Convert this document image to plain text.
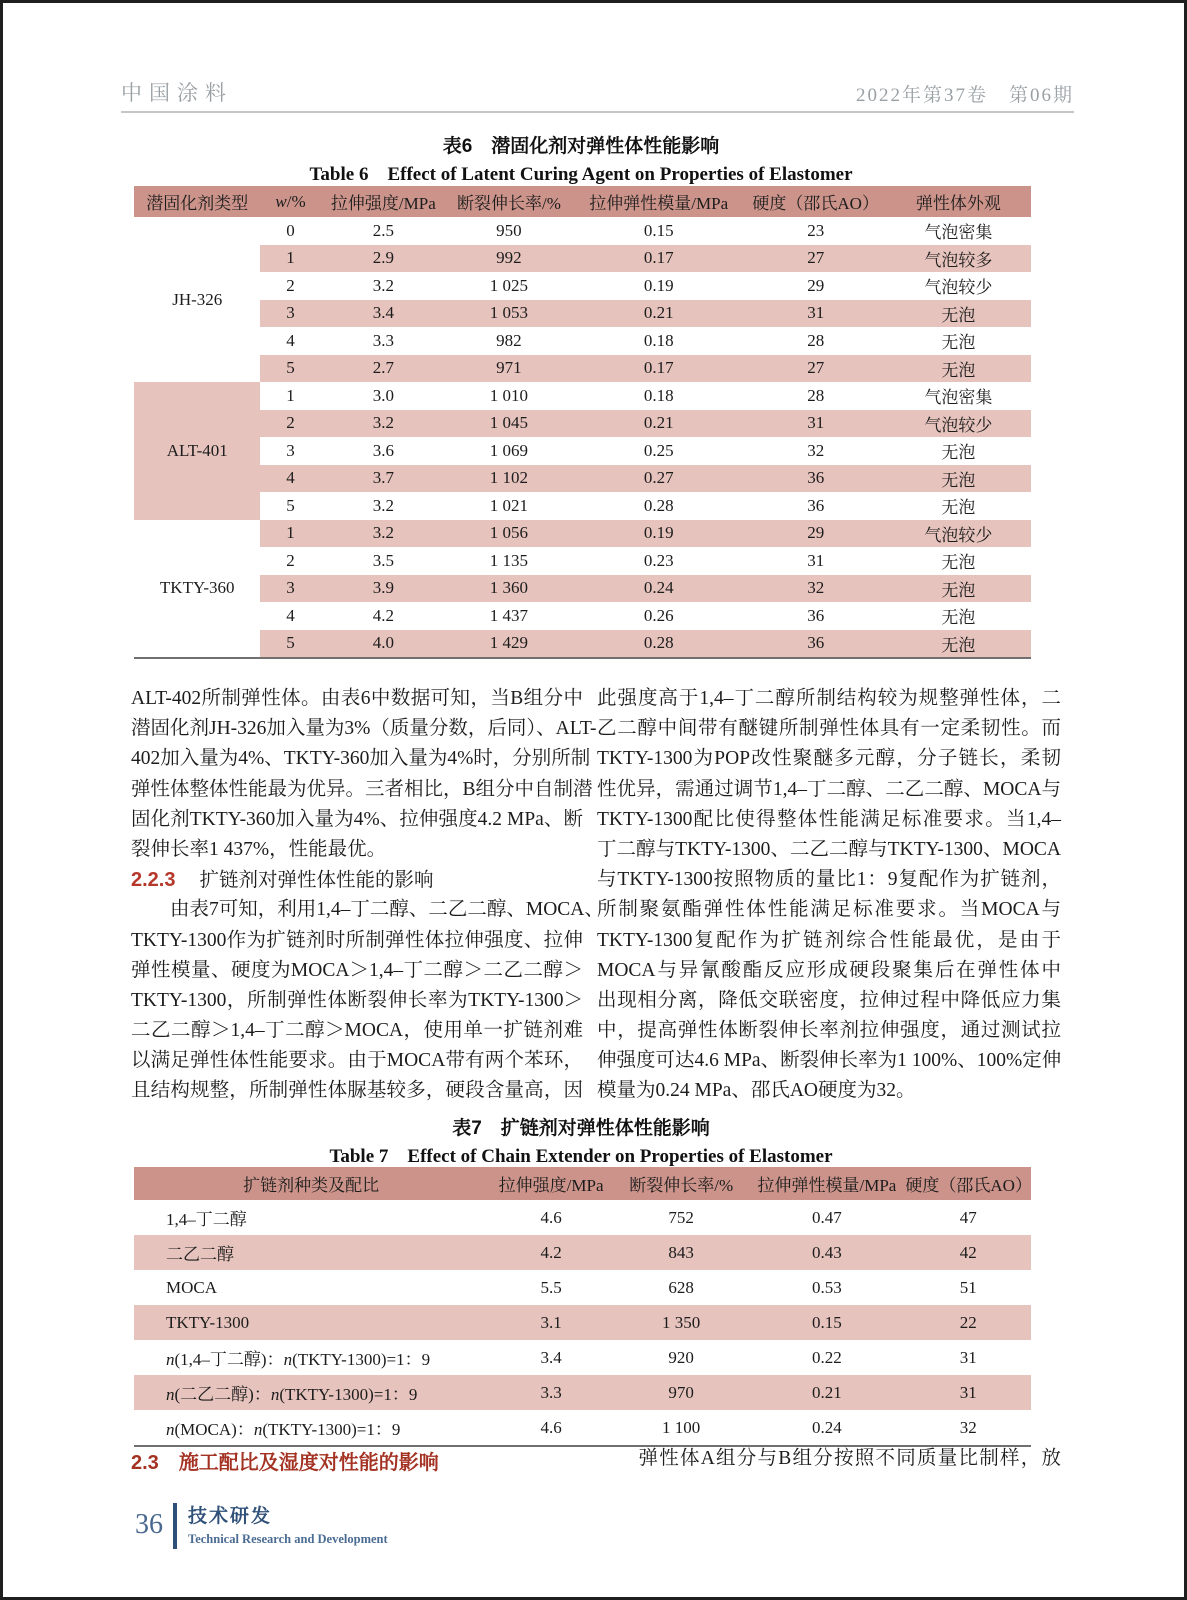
中国涂料	2022年第37卷　第06期
表6　潜固化剂对弹性体性能影响
Table 6　Effect of Latent Curing Agent on Properties of Elastomer
潜固化剂类型	w/%	拉伸强度/MPa	断裂伸长率/%	拉伸弹性模量/MPa	硬度（邵氏AO）	弹性体外观
JH-326	0	2.5	950	0.15	23	气泡密集
	1	2.9	992	0.17	27	气泡较多
	2	3.2	1 025	0.19	29	气泡较少
	3	3.4	1 053	0.21	31	无泡
	4	3.3	982	0.18	28	无泡
	5	2.7	971	0.17	27	无泡
ALT-401	1	3.0	1 010	0.18	28	气泡密集
	2	3.2	1 045	0.21	31	气泡较少
	3	3.6	1 069	0.25	32	无泡
	4	3.7	1 102	0.27	36	无泡
	5	3.2	1 021	0.28	36	无泡
TKTY-360	1	3.2	1 056	0.19	29	气泡较少
	2	3.5	1 135	0.23	31	无泡
	3	3.9	1 360	0.24	32	无泡
	4	4.2	1 437	0.26	36	无泡
	5	4.0	1 429	0.28	36	无泡
ALT-402所制弹性体。由表6中数据可知，当B组分中
潜固化剂JH-326加入量为3%（质量分数，后同）、ALT-
402加入量为4%、TKTY-360加入量为4%时，分别所制
弹性体整体性能最为优异。三者相比，B组分中自制潜
固化剂TKTY-360加入量为4%、拉伸强度4.2 MPa、断
裂伸长率1 437%，性能最优。
2.2.3 扩链剂对弹性体性能的影响
　　由表7可知，利用1,4–丁二醇、二乙二醇、MOCA、
TKTY-1300作为扩链剂时所制弹性体拉伸强度、拉伸
弹性模量、硬度为MOCA＞1,4–丁二醇＞二乙二醇＞
TKTY-1300，所制弹性体断裂伸长率为TKTY-1300＞
二乙二醇＞1,4–丁二醇＞MOCA，使用单一扩链剂难
以满足弹性体性能要求。由于MOCA带有两个苯环，
且结构规整，所制弹性体脲基较多，硬段含量高，因
此强度高于1,4–丁二醇所制结构较为规整弹性体，二
乙二醇中间带有醚键所制弹性体具有一定柔韧性。而
TKTY-1300为POP改性聚醚多元醇，分子链长，柔韧
性优异，需通过调节1,4–丁二醇、二乙二醇、MOCA与
TKTY-1300配比使得整体性能满足标准要求。当1,4–
丁二醇与TKTY-1300、二乙二醇与TKTY-1300、MOCA
与TKTY-1300按照物质的量比1：9复配作为扩链剂，
所制聚氨酯弹性体性能满足标准要求。当MOCA与
TKTY-1300复配作为扩链剂综合性能最优，是由于
MOCA与异氰酸酯反应形成硬段聚集后在弹性体中
出现相分离，降低交联密度，拉伸过程中降低应力集
中，提高弹性体断裂伸长率剂拉伸强度，通过测试拉
伸强度可达4.6 MPa、断裂伸长率为1 100%、100%定伸
模量为0.24 MPa、邵氏AO硬度为32。
表7　扩链剂对弹性体性能影响
Table 7　Effect of Chain Extender on Properties of Elastomer
扩链剂种类及配比	拉伸强度/MPa	断裂伸长率/%	拉伸弹性模量/MPa	硬度（邵氏AO）
1,4–丁二醇	4.6	752	0.47	47
二乙二醇	4.2	843	0.43	42
MOCA	5.5	628	0.53	51
TKTY-1300	3.1	1 350	0.15	22
n(1,4–丁二醇)：n(TKTY-1300)=1：9	3.4	920	0.22	31
n(二乙二醇)：n(TKTY-1300)=1：9	3.3	970	0.21	31
n(MOCA)：n(TKTY-1300)=1：9	4.6	1 100	0.24	32
2.3 施工配比及湿度对性能的影响	　　弹性体A组分与B组分按照不同质量比制样，放
36 技术研发
Technical Research and Development
